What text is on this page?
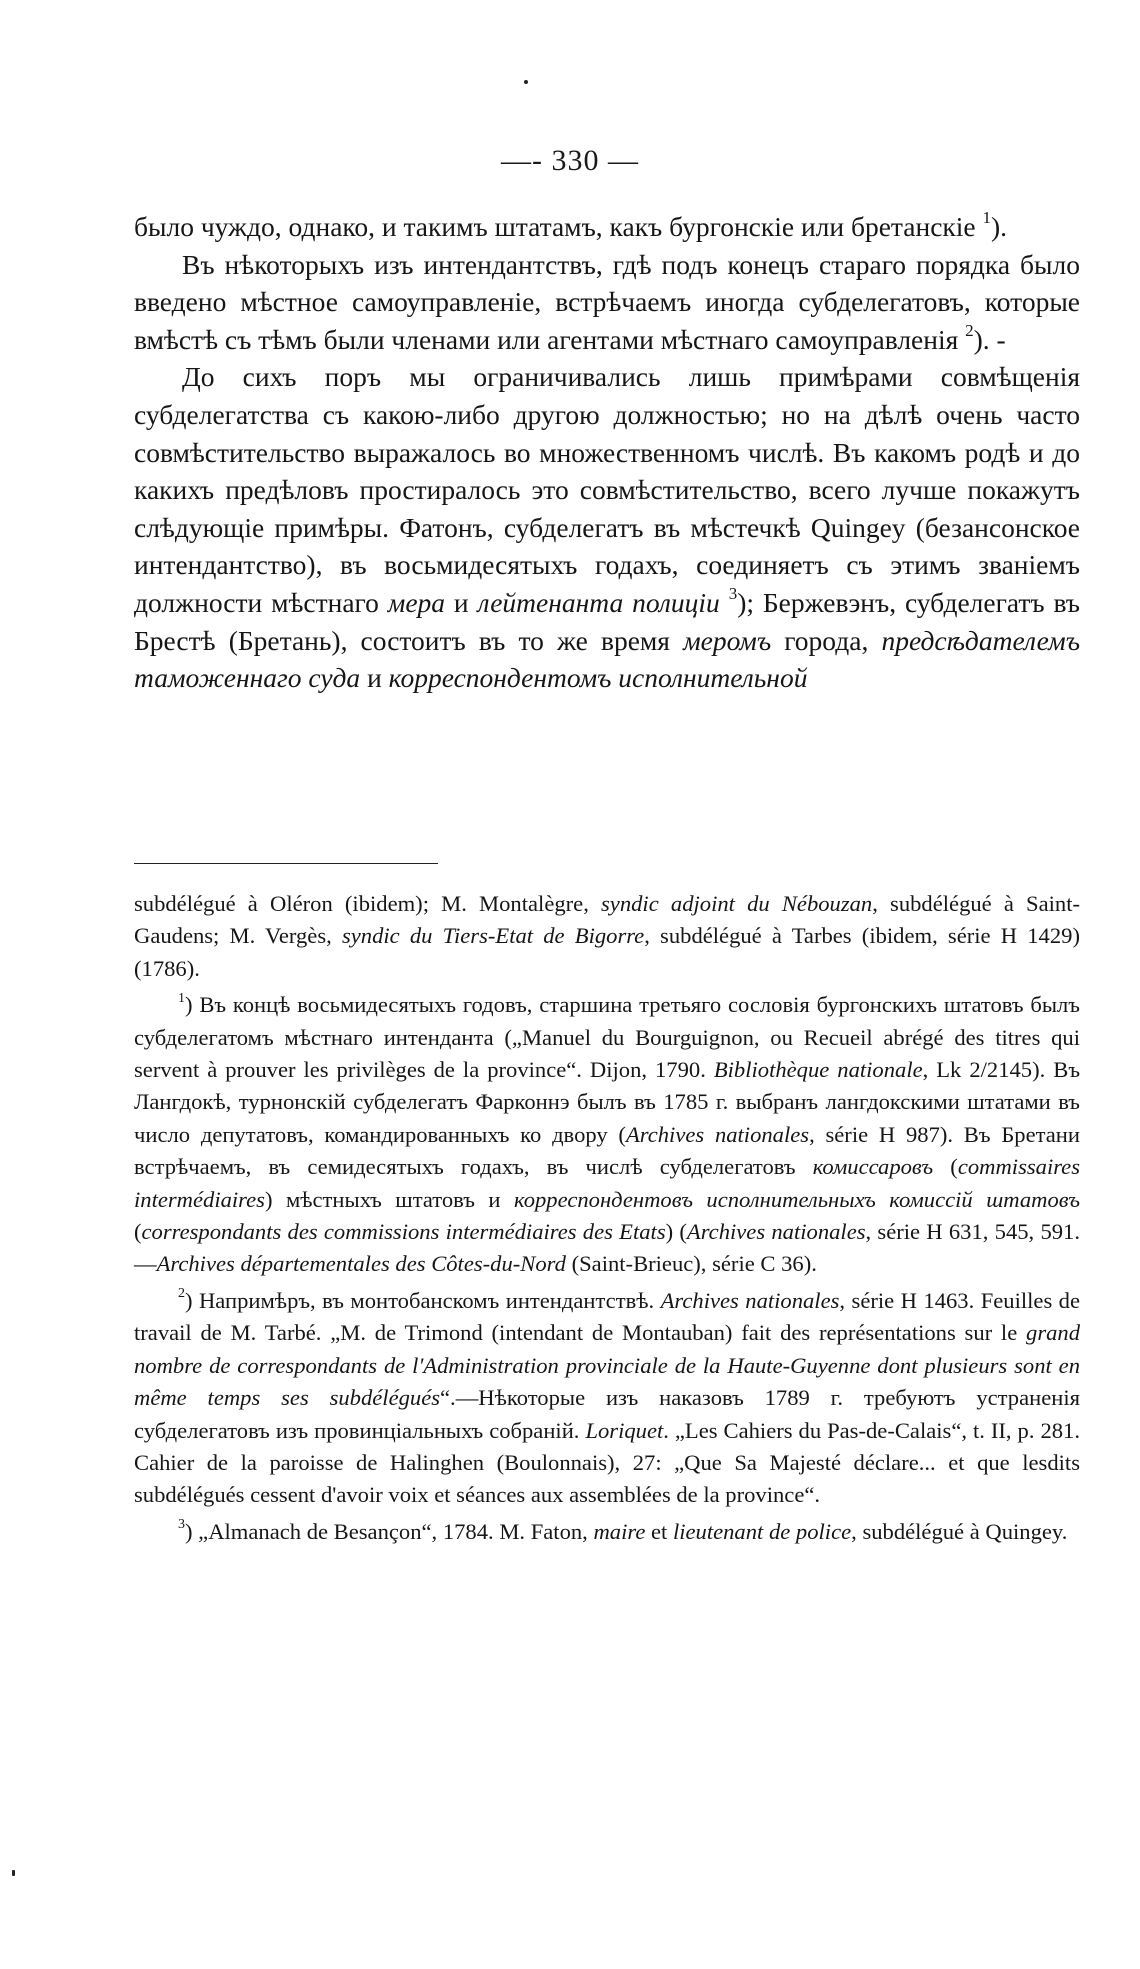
—- 330 —

было чуждо, однако, и такимъ штатамъ, какъ бургонскіе или бретанскіе $^1$).

Въ нѣкоторыхъ изъ интендантствъ, гдѣ подъ конецъ стараго порядка было введено мѣстное самоуправленіе, встрѣчаемъ иногда субделегатовъ, которые вмѣстѣ съ тѣмъ были членами или агентами мѣстнаго самоуправленія $^2$). -

До сихъ поръ мы ограничивались лишь примѣрами совмѣщенія субделегатства съ какою-либо другою должностью; но на дѣлѣ очень часто совмѣстительство выражалось во множественномъ числѣ. Въ какомъ родѣ и до какихъ предѣловъ простиралось это совмѣстительство, всего лучше покажутъ слѣдующіе примѣры. Фатонъ, субделегатъ въ мѣстечкѣ Quingey (безансонское интендантство), въ восьмидесятыхъ годахъ, соединяетъ съ этимъ званіемъ должности мѣстнаго мера и лейтенанта полиціи $^3$); Бержевэнъ, субделегатъ въ Брестѣ (Бретань), состоитъ въ то же время меромъ города, предсѣдателемъ таможеннаго суда и корреспондентомъ исполнительной

subdélégué à Oléron (ibidem); M. Montalègre, syndic adjoint du Nébouzan, subdélégué à Saint-Gaudens; M. Vergès, syndic du Tiers-Etat de Bigorre, subdélégué à Tarbes (ibidem, série H 1429) (1786).

$^1$) Въ концѣ восьмидесятыхъ годовъ, старшина третьяго сословія бургонскихъ штатовъ былъ субделегатомъ мѣстнаго интенданта („Manuel du Bourguignon, ou Recueil abrégé des titres qui servent à prouver les privilèges de la province“. Dijon, 1790. Bibliothèque nationale, Lk 2/2145). Въ Лангдокѣ, турнонскій субделегатъ Фарконнэ былъ въ 1785 г. выбранъ лангдокскими штатами въ число депутатовъ, командированныхъ ко двору (Archives nationales, série H 987). Въ Бретани встрѣчаемъ, въ семидесятыхъ годахъ, въ числѣ субделегатовъ комиссаровъ (commissaires intermédiaires) мѣстныхъ штатовъ и корреспондентовъ исполнительныхъ комиссій штатовъ (correspondants des commissions intermédiaires des Etats) (Archives nationales, série H 631, 545, 591.—Archives départementales des Côtes-du-Nord (Saint-Brieuc), série C 36).

$^2$) Напримѣръ, въ монтобанскомъ интендантствѣ. Archives nationales, série H 1463. Feuilles de travail de M. Tarbé. „M. de Trimond (intendant de Montauban) fait des représentations sur le grand nombre de correspondants de l'Administration provinciale de la Haute-Guyenne dont plusieurs sont en même temps ses subdélégués“.—Нѣкоторые изъ наказовъ 1789 г. требуютъ устраненія субделегатовъ изъ провинціальныхъ собраній. Loriquet. „Les Cahiers du Pas-de-Calais“, t. II, p. 281. Cahier de la paroisse de Halinghen (Boulonnais), 27: „Que Sa Majesté déclare... et que lesdits subdélégués cessent d'avoir voix et séances aux assemblées de la province“.

$^3$) „Almanach de Besançon“, 1784. M. Faton, maire et lieutenant de police, subdélégué à Quingey.
